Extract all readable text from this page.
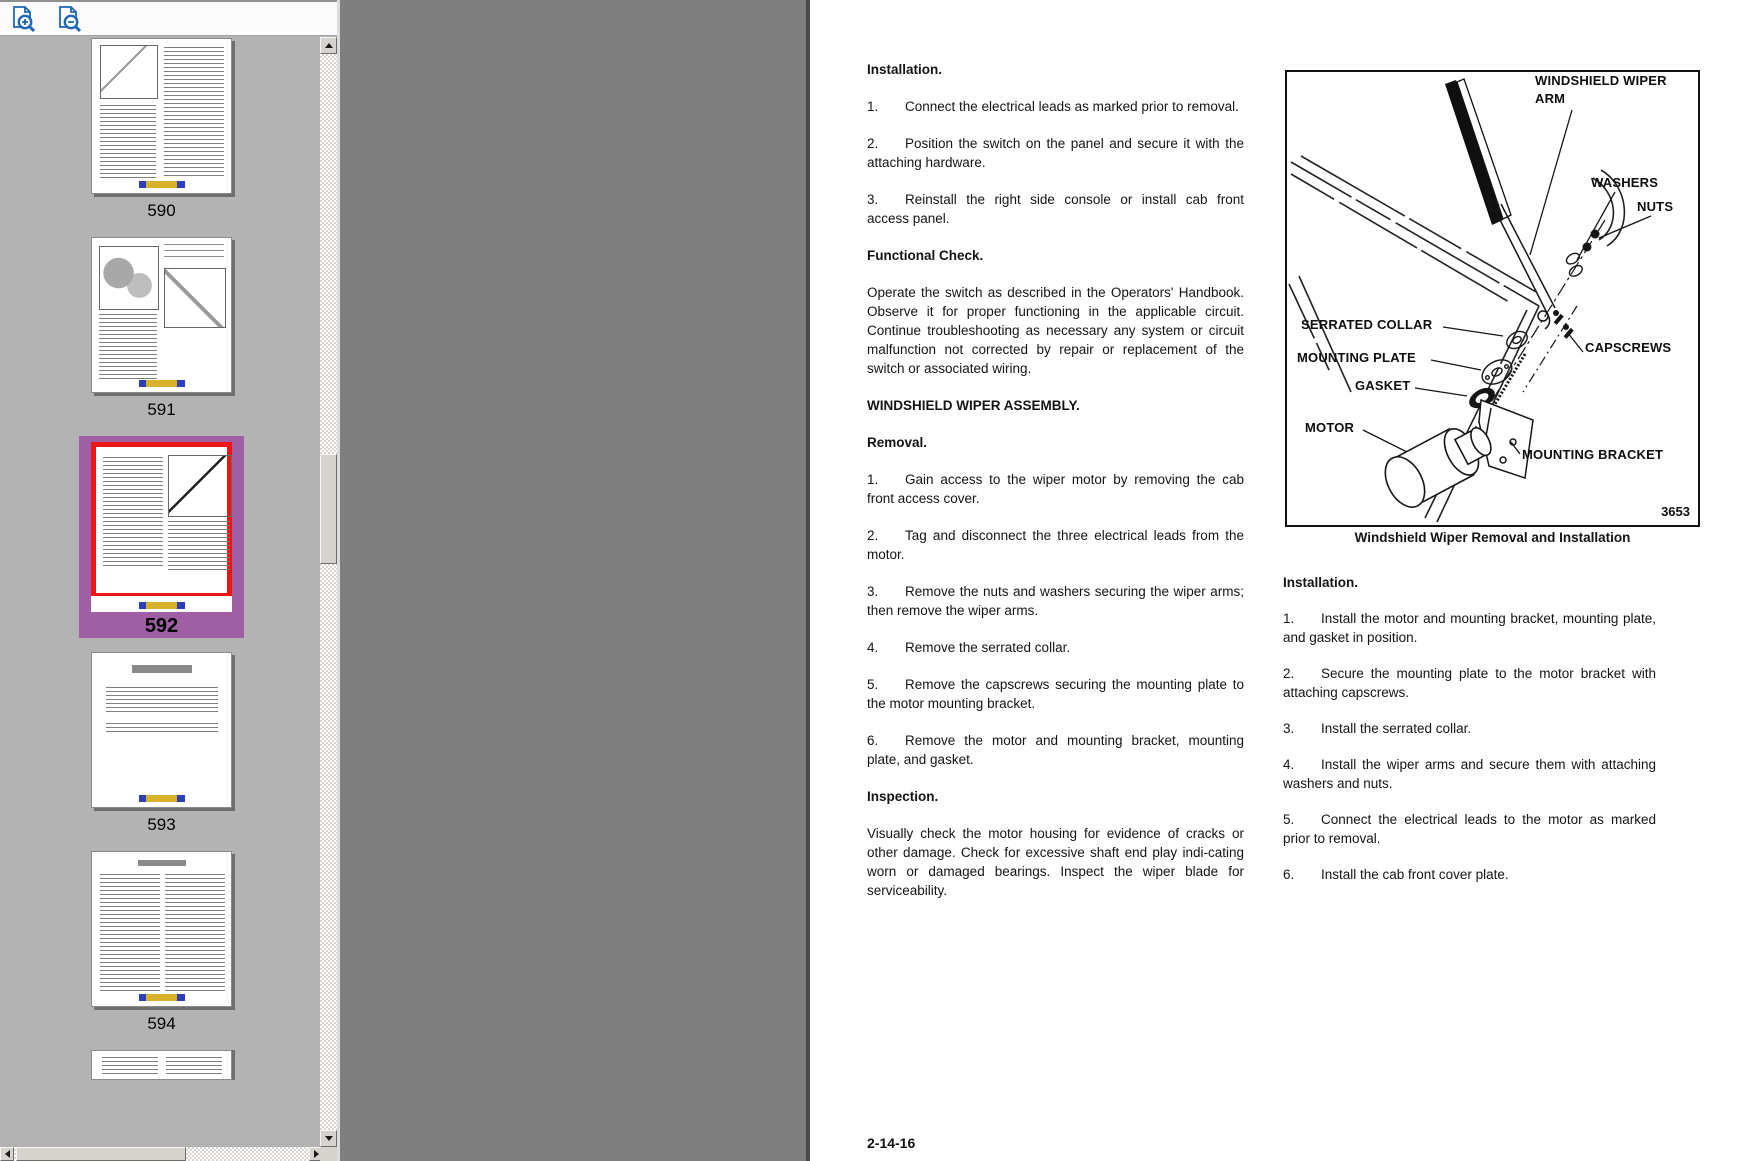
590
591
592
593
594

Installation.

1. Connect the electrical leads as marked prior to removal.

2. Position the switch on the panel and secure it with the attaching hardware.

3. Reinstall the right side console or install cab front access panel.

Functional Check.

Operate the switch as described in the Operators' Handbook. Observe it for proper functioning in the applicable circuit. Continue troubleshooting as necessary any system or circuit malfunction not corrected by repair or replacement of the switch or associated wiring.

WINDSHIELD WIPER ASSEMBLY.

Removal.

1. Gain access to the wiper motor by removing the cab front access cover.

2. Tag and disconnect the three electrical leads from the motor.

3. Remove the nuts and washers securing the wiper arms; then remove the wiper arms.

4. Remove the serrated collar.

5. Remove the capscrews securing the mounting plate to the motor mounting bracket.

6. Remove the motor and mounting bracket, mounting plate, and gasket.

Inspection.

Visually check the motor housing for evidence of cracks or other damage. Check for excessive shaft end play indi-cating worn or damaged bearings. Inspect the wiper blade for serviceability.

WINDSHIELD WIPER
ARM
WASHERS
NUTS
SERRATED COLLAR
CAPSCREWS
MOUNTING PLATE
GASKET
MOTOR
MOUNTING BRACKET
3653
Windshield Wiper Removal and Installation

Installation.

1. Install the motor and mounting bracket, mounting plate, and gasket in position.

2. Secure the mounting plate to the motor bracket with attaching capscrews.

3. Install the serrated collar.

4. Install the wiper arms and secure them with attaching washers and nuts.

5. Connect the electrical leads to the motor as marked prior to removal.

6. Install the cab front cover plate.

2-14-16
